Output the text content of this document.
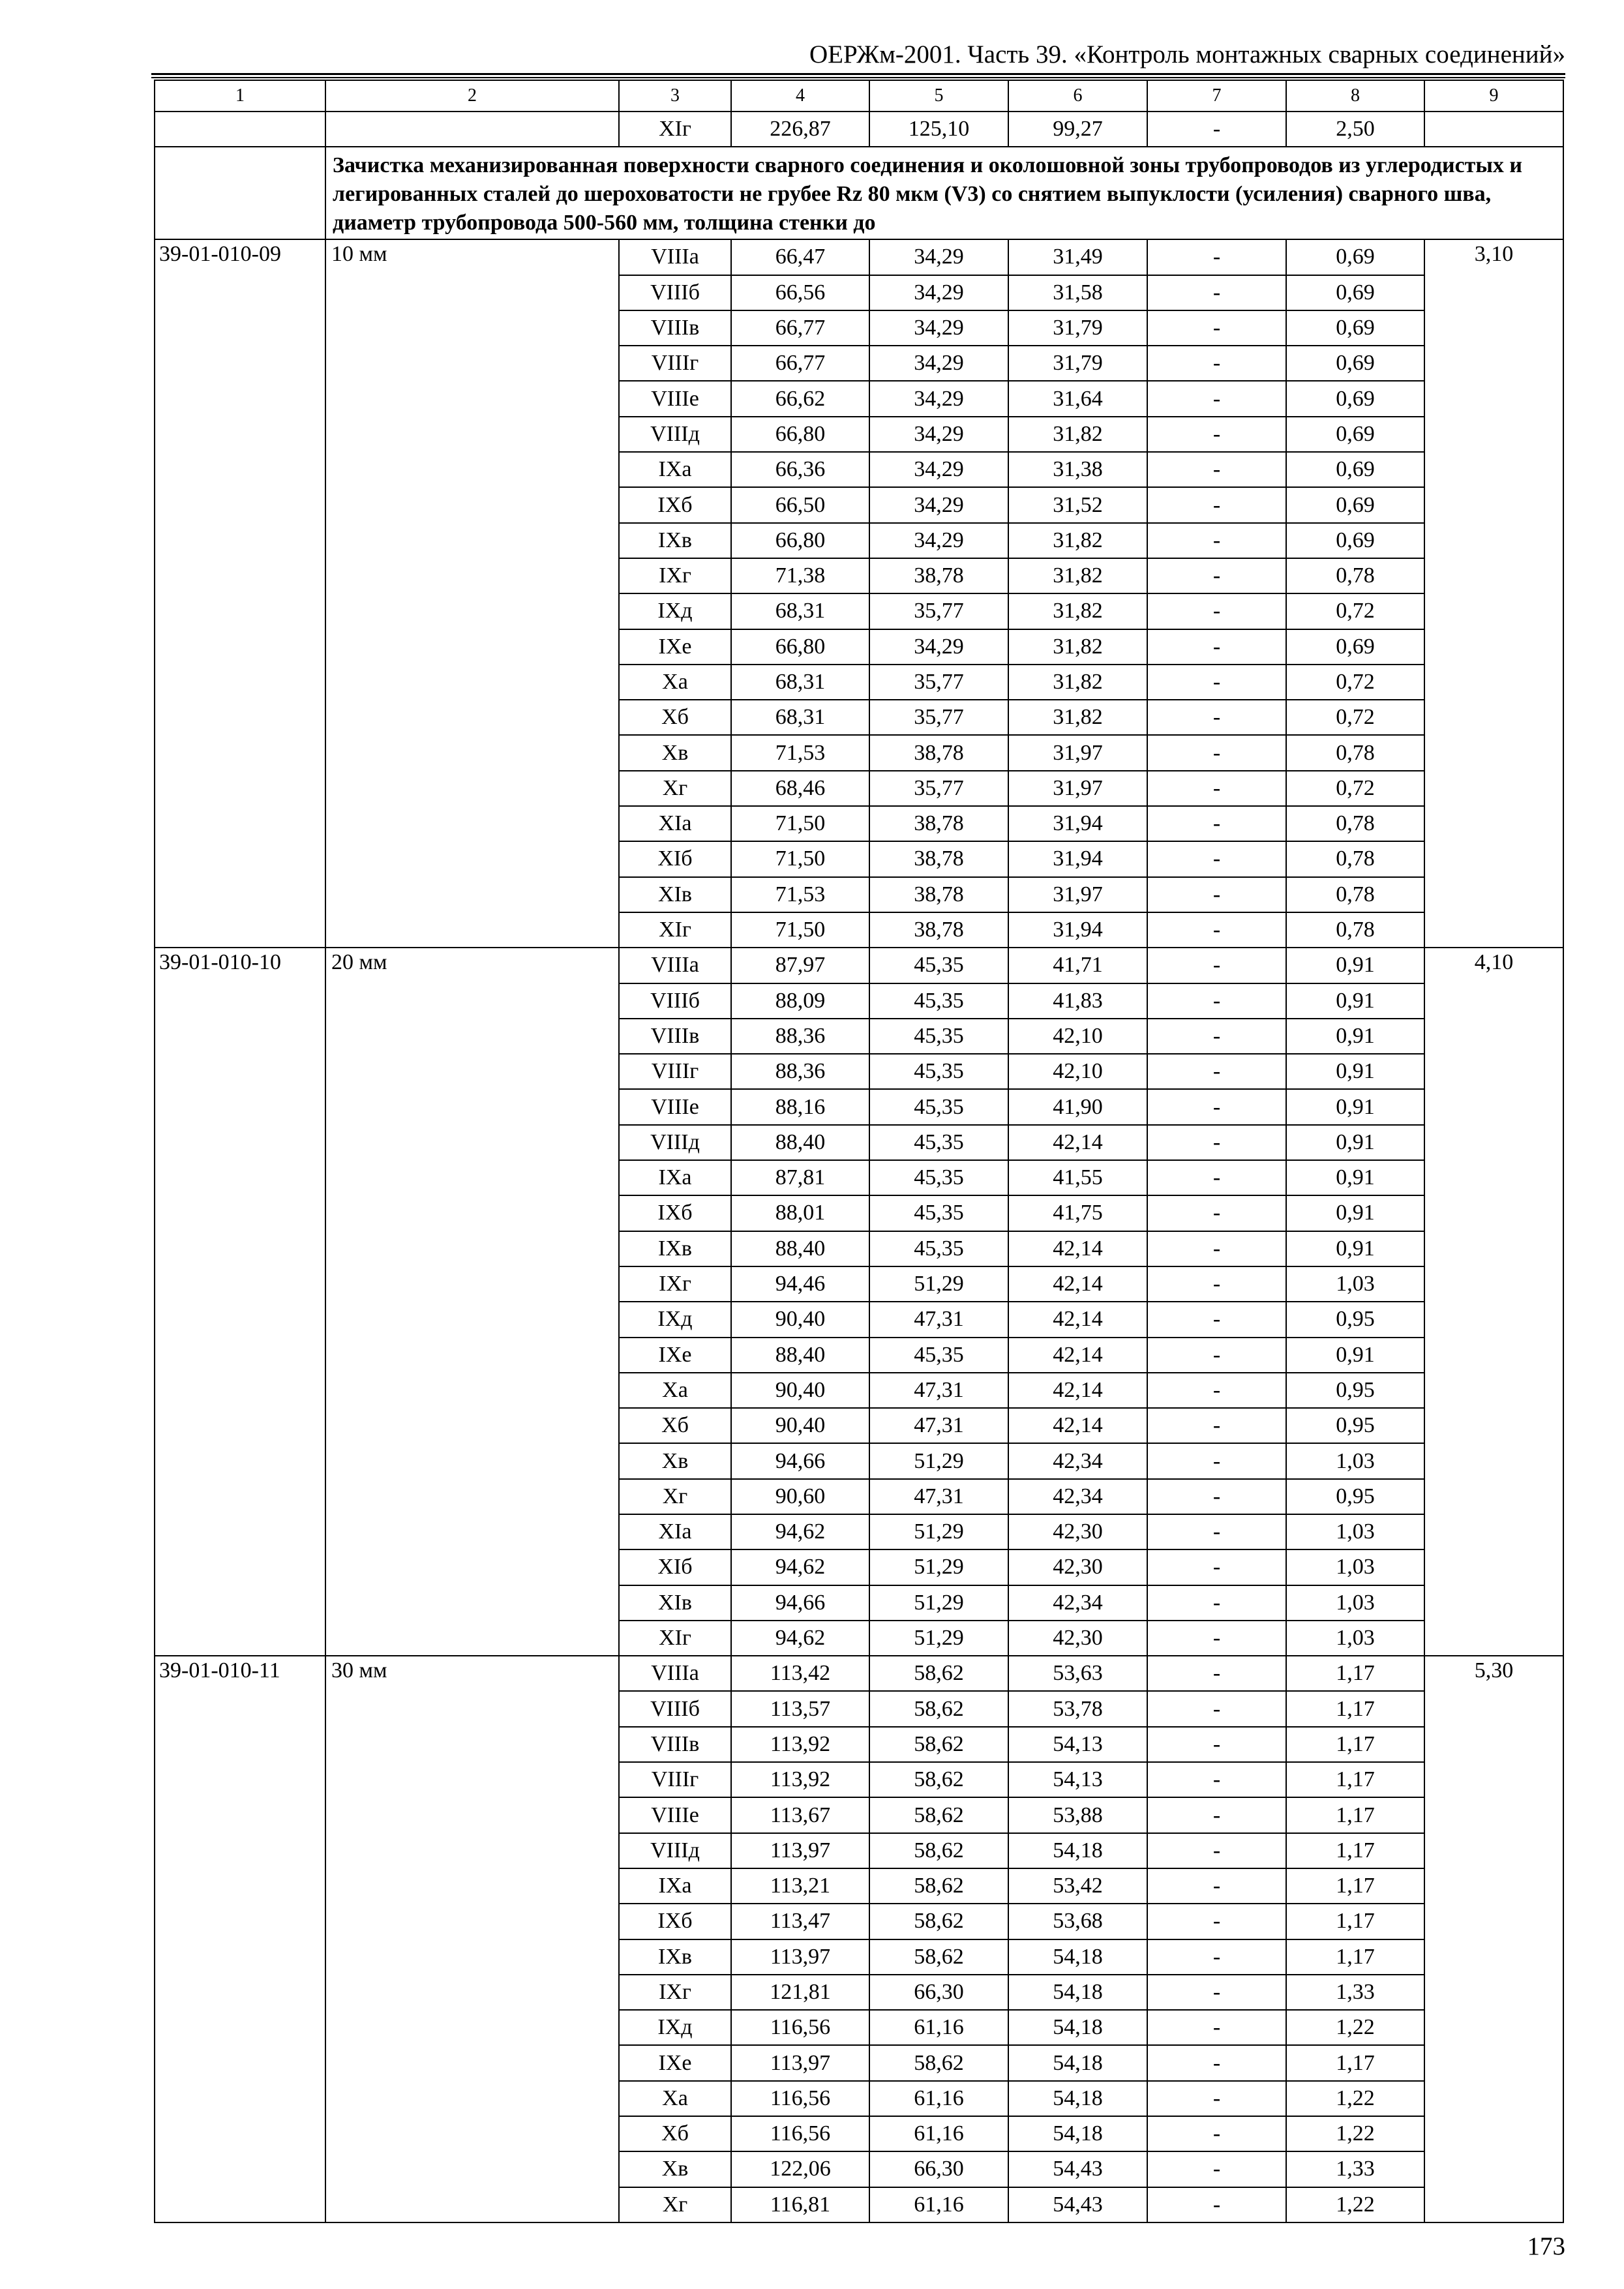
ОЕРЖм-2001. Часть 39. «Контроль монтажных сварных соединений»
1	2	3	4	5	6	7	8	9
		XIг	226,87	125,10	99,27	-	2,50	
	Зачистка механизированная поверхности сварного соединения и околошовной зоны трубопроводов из углеродистых и легированных сталей до шероховатости не грубее Rz 80 мкм (V3) со снятием выпуклости (усиления) сварного шва, диаметр трубопровода 500-560 мм, толщина стенки до							
39-01-010-09	10 мм	VIIIа	66,47	34,29	31,49	-	0,69	3,10
		VIIIб	66,56	34,29	31,58	-	0,69	
		VIIIв	66,77	34,29	31,79	-	0,69	
		VIIIг	66,77	34,29	31,79	-	0,69	
		VIIIе	66,62	34,29	31,64	-	0,69	
		VIIIд	66,80	34,29	31,82	-	0,69	
		IXа	66,36	34,29	31,38	-	0,69	
		IXб	66,50	34,29	31,52	-	0,69	
		IXв	66,80	34,29	31,82	-	0,69	
		IXг	71,38	38,78	31,82	-	0,78	
		IXд	68,31	35,77	31,82	-	0,72	
		IXе	66,80	34,29	31,82	-	0,69	
		Xа	68,31	35,77	31,82	-	0,72	
		Xб	68,31	35,77	31,82	-	0,72	
		Xв	71,53	38,78	31,97	-	0,78	
		Xг	68,46	35,77	31,97	-	0,72	
		XIа	71,50	38,78	31,94	-	0,78	
		XIб	71,50	38,78	31,94	-	0,78	
		XIв	71,53	38,78	31,97	-	0,78	
		XIг	71,50	38,78	31,94	-	0,78	
39-01-010-10	20 мм	VIIIа	87,97	45,35	41,71	-	0,91	4,10
		VIIIб	88,09	45,35	41,83	-	0,91	
		VIIIв	88,36	45,35	42,10	-	0,91	
		VIIIг	88,36	45,35	42,10	-	0,91	
		VIIIе	88,16	45,35	41,90	-	0,91	
		VIIIд	88,40	45,35	42,14	-	0,91	
		IXа	87,81	45,35	41,55	-	0,91	
		IXб	88,01	45,35	41,75	-	0,91	
		IXв	88,40	45,35	42,14	-	0,91	
		IXг	94,46	51,29	42,14	-	1,03	
		IXд	90,40	47,31	42,14	-	0,95	
		IXе	88,40	45,35	42,14	-	0,91	
		Xа	90,40	47,31	42,14	-	0,95	
		Xб	90,40	47,31	42,14	-	0,95	
		Xв	94,66	51,29	42,34	-	1,03	
		Xг	90,60	47,31	42,34	-	0,95	
		XIа	94,62	51,29	42,30	-	1,03	
		XIб	94,62	51,29	42,30	-	1,03	
		XIв	94,66	51,29	42,34	-	1,03	
		XIг	94,62	51,29	42,30	-	1,03	
39-01-010-11	30 мм	VIIIа	113,42	58,62	53,63	-	1,17	5,30
		VIIIб	113,57	58,62	53,78	-	1,17	
		VIIIв	113,92	58,62	54,13	-	1,17	
		VIIIг	113,92	58,62	54,13	-	1,17	
		VIIIе	113,67	58,62	53,88	-	1,17	
		VIIIд	113,97	58,62	54,18	-	1,17	
		IXа	113,21	58,62	53,42	-	1,17	
		IXб	113,47	58,62	53,68	-	1,17	
		IXв	113,97	58,62	54,18	-	1,17	
		IXг	121,81	66,30	54,18	-	1,33	
		IXд	116,56	61,16	54,18	-	1,22	
		IXе	113,97	58,62	54,18	-	1,17	
		Xа	116,56	61,16	54,18	-	1,22	
		Xб	116,56	61,16	54,18	-	1,22	
		Xв	122,06	66,30	54,43	-	1,33	
		Xг	116,81	61,16	54,43	-	1,22	
173
